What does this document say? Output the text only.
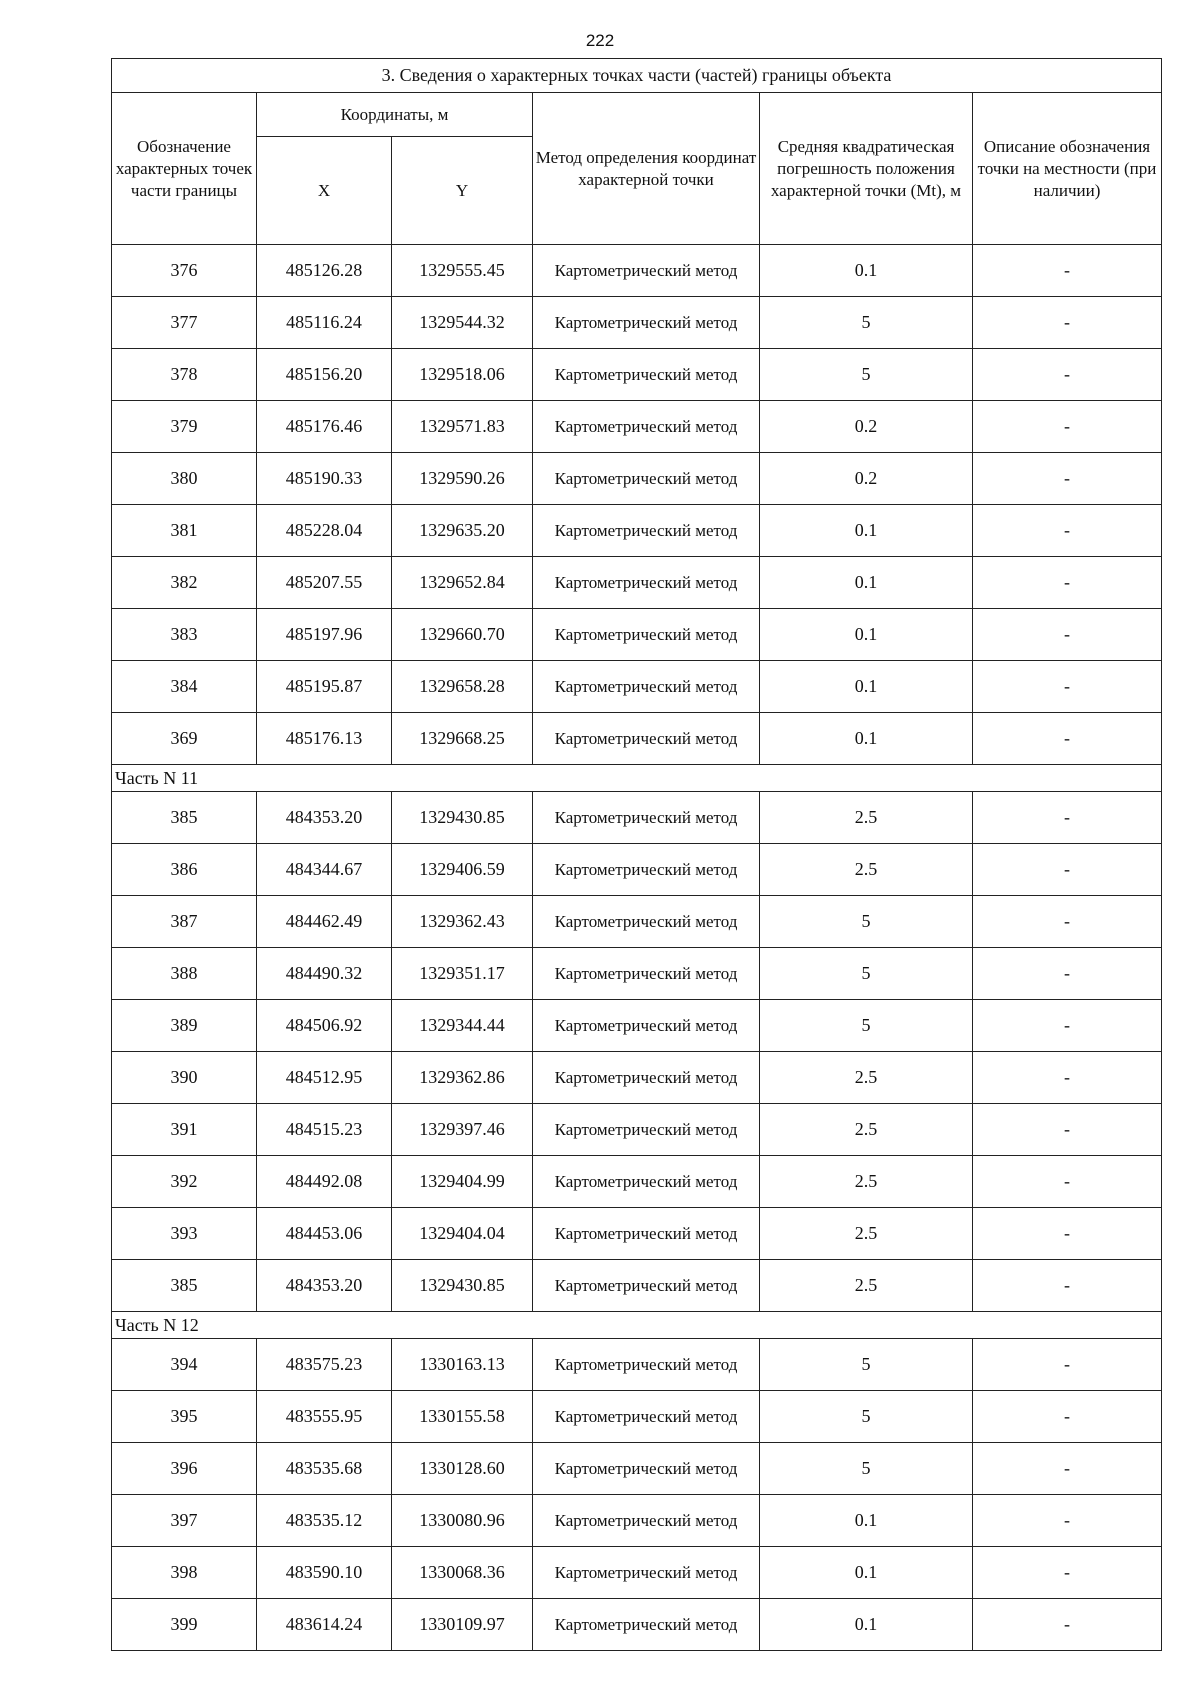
222
3. Сведения о характерных точках части (частей) границы объекта					
Обозначение характерных точек части границы	Координаты, м		Метод определения координат характерной точки	Средняя квадратическая погрешность положения характерной точки (Mt), м	Описание обозначения точки на местности (при наличии)
	X	Y			
376	485126.28	1329555.45	Картометрический метод	0.1	-
377	485116.24	1329544.32	Картометрический метод	5	-
378	485156.20	1329518.06	Картометрический метод	5	-
379	485176.46	1329571.83	Картометрический метод	0.2	-
380	485190.33	1329590.26	Картометрический метод	0.2	-
381	485228.04	1329635.20	Картометрический метод	0.1	-
382	485207.55	1329652.84	Картометрический метод	0.1	-
383	485197.96	1329660.70	Картометрический метод	0.1	-
384	485195.87	1329658.28	Картометрический метод	0.1	-
369	485176.13	1329668.25	Картометрический метод	0.1	-
Часть N 11					
385	484353.20	1329430.85	Картометрический метод	2.5	-
386	484344.67	1329406.59	Картометрический метод	2.5	-
387	484462.49	1329362.43	Картометрический метод	5	-
388	484490.32	1329351.17	Картометрический метод	5	-
389	484506.92	1329344.44	Картометрический метод	5	-
390	484512.95	1329362.86	Картометрический метод	2.5	-
391	484515.23	1329397.46	Картометрический метод	2.5	-
392	484492.08	1329404.99	Картометрический метод	2.5	-
393	484453.06	1329404.04	Картометрический метод	2.5	-
385	484353.20	1329430.85	Картометрический метод	2.5	-
Часть N 12					
394	483575.23	1330163.13	Картометрический метод	5	-
395	483555.95	1330155.58	Картометрический метод	5	-
396	483535.68	1330128.60	Картометрический метод	5	-
397	483535.12	1330080.96	Картометрический метод	0.1	-
398	483590.10	1330068.36	Картометрический метод	0.1	-
399	483614.24	1330109.97	Картометрический метод	0.1	-
